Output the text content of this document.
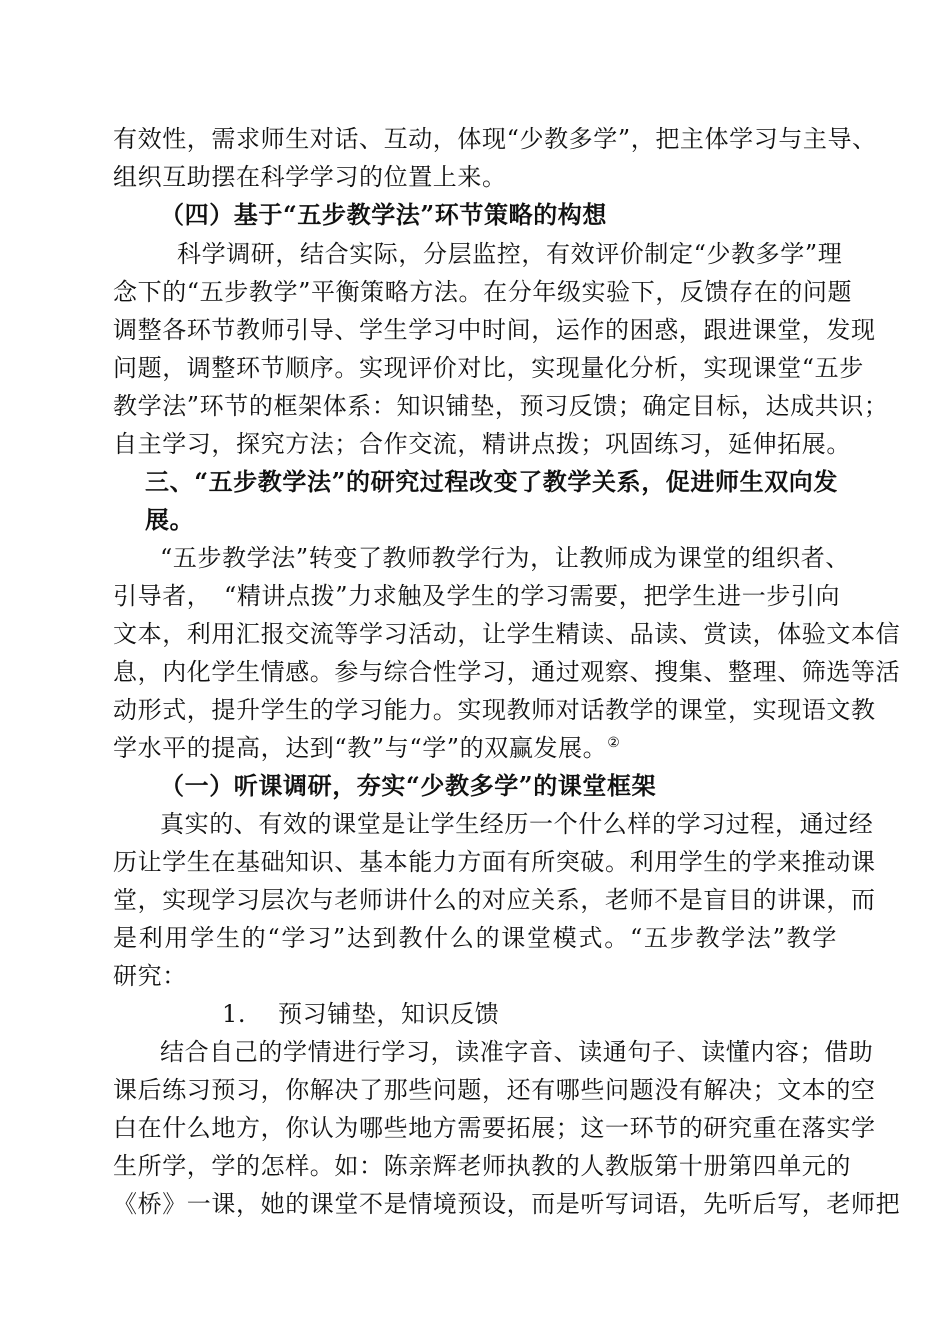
有效性，需求师生对话、互动，体现“少教多学”，把主体学习与主导、
组织互助摆在科学学习的位置上来。
（四）基于“五步教学法”环节策略的构想
科学调研，结合实际，分层监控，有效评价制定“少教多学”理
念下的“五步教学”平衡策略方法。在分年级实验下，反馈存在的问题
调整各环节教师引导、学生学习中时间，运作的困惑，跟进课堂，发现
问题，调整环节顺序。实现评价对比，实现量化分析，实现课堂“五步
教学法”环节的框架体系：知识铺垫，预习反馈；确定目标，达成共识；
自主学习，探究方法；合作交流，精讲点拨；巩固练习，延伸拓展。
三、“五步教学法”的研究过程改变了教学关系，促进师生双向发
展。
“五步教学法”转变了教师教学行为，让教师成为课堂的组织者、
引导者，　“精讲点拨”力求触及学生的学习需要，把学生进一步引向
文本，利用汇报交流等学习活动，让学生精读、品读、赏读，体验文本信
息，内化学生情感。参与综合性学习，通过观察、搜集、整理、筛选等活
动形式，提升学生的学习能力。实现教师对话教学的课堂，实现语文教
学水平的提高，达到“教”与“学”的双赢发展。②
（一）听课调研，夯实“少教多学”的课堂框架
真实的、有效的课堂是让学生经历一个什么样的学习过程，通过经
历让学生在基础知识、基本能力方面有所突破。利用学生的学来推动课
堂，实现学习层次与老师讲什么的对应关系，老师不是盲目的讲课，而
是利用学生的“学习”达到教什么的课堂模式。“五步教学法”教学
研究：
1. 预习铺垫，知识反馈
结合自己的学情进行学习，读准字音、读通句子、读懂内容；借助
课后练习预习，你解决了那些问题，还有哪些问题没有解决；文本的空
白在什么地方，你认为哪些地方需要拓展；这一环节的研究重在落实学
生所学，学的怎样。如：陈亲辉老师执教的人教版第十册第四单元的
《桥》一课，她的课堂不是情境预设，而是听写词语，先听后写，老师把
